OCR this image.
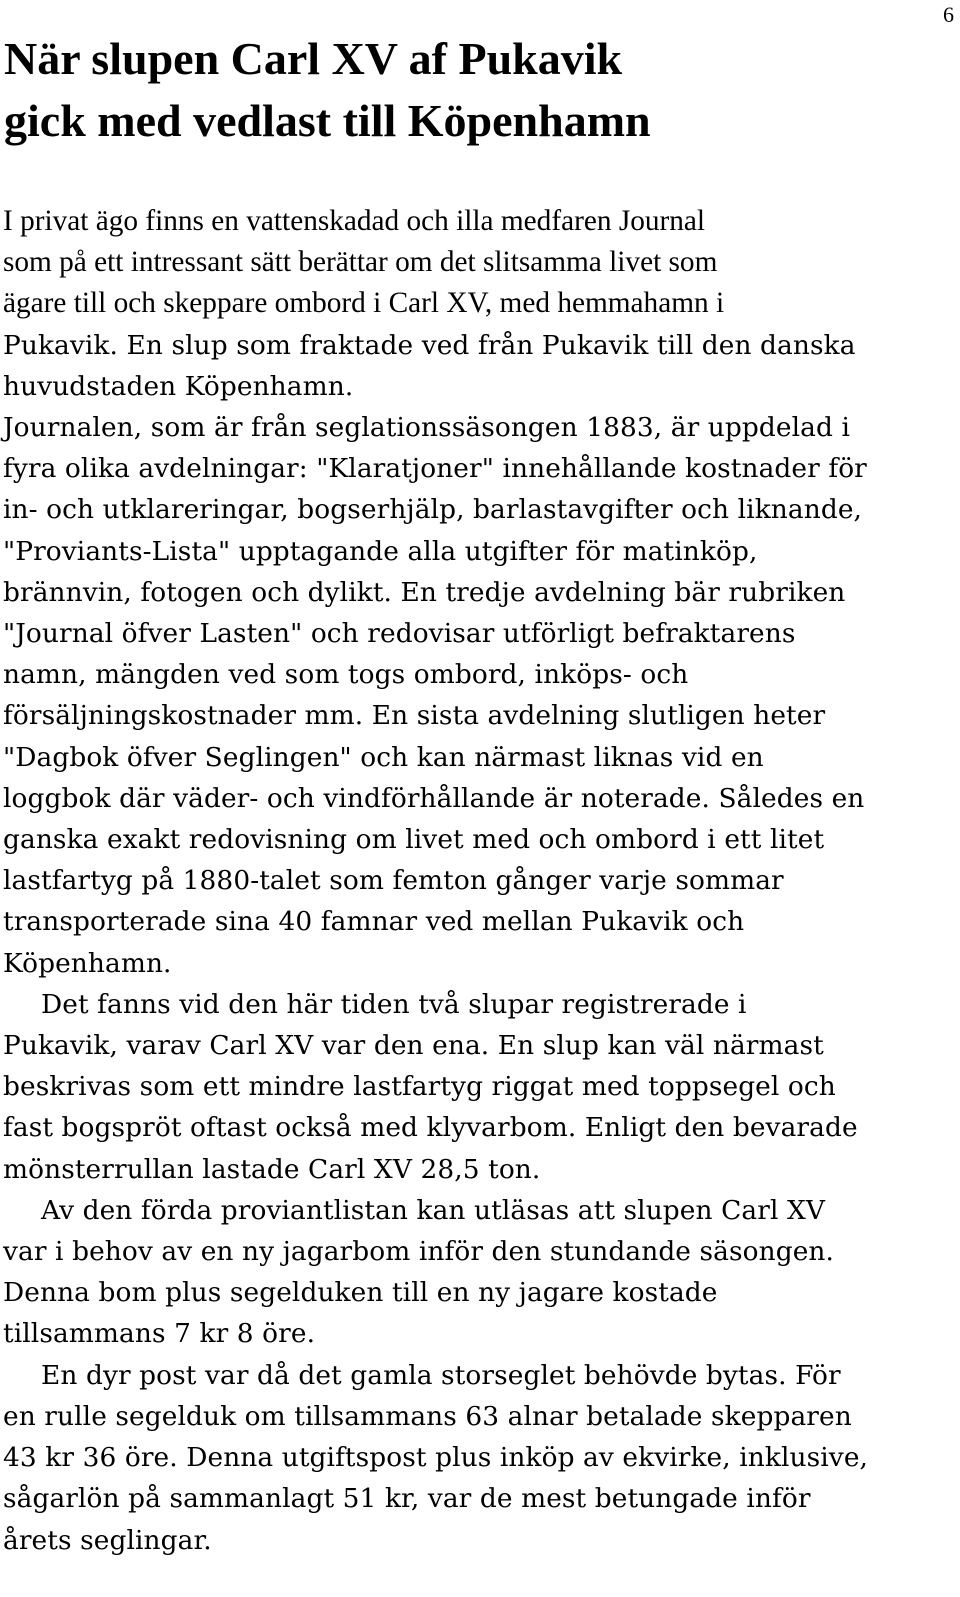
6
När slupen Carl XV af Pukavik
gick med vedlast till Köpenhamn
I privat ägo finns en vattenskadad och illa medfaren Journal
som på ett intressant sätt berättar om det slitsamma livet som
ägare till och skeppare ombord i Carl XV, med hemmahamn i
Pukavik. En slup som fraktade ved från Pukavik till den danska
huvudstaden Köpenhamn.
Journalen, som är från seglationssäsongen 1883, är uppdelad i
fyra olika avdelningar: "Klaratjoner" innehållande kostnader för
in- och utklareringar, bogserhjälp, barlastavgifter och liknande,
"Proviants-Lista" upptagande alla utgifter för matinköp,
brännvin, fotogen och dylikt. En tredje avdelning bär rubriken
"Journal öfver Lasten" och redovisar utförligt befraktarens
namn, mängden ved som togs ombord, inköps- och
försäljningskostnader mm. En sista avdelning slutligen heter
"Dagbok öfver Seglingen" och kan närmast liknas vid en
loggbok där väder- och vindförhållande är noterade. Således en
ganska exakt redovisning om livet med och ombord i ett litet
lastfartyg på 1880-talet som femton gånger varje sommar
transporterade sina 40 famnar ved mellan Pukavik och
Köpenhamn.
Det fanns vid den här tiden två slupar registrerade i
Pukavik, varav Carl XV var den ena. En slup kan väl närmast
beskrivas som ett mindre lastfartyg riggat med toppsegel och
fast bogspröt oftast också med klyvarbom. Enligt den bevarade
mönsterrullan lastade Carl XV 28,5 ton.
Av den förda proviantlistan kan utläsas att slupen Carl XV
var i behov av en ny jagarbom inför den stundande säsongen.
Denna bom plus segelduken till en ny jagare kostade
tillsammans 7 kr 8 öre.
En dyr post var då det gamla storseglet behövde bytas. För
en rulle segelduk om tillsammans 63 alnar betalade skepparen
43 kr 36 öre. Denna utgiftspost plus inköp av ekvirke, inklusive,
sågarlön på sammanlagt 51 kr, var de mest betungade inför
årets seglingar.
